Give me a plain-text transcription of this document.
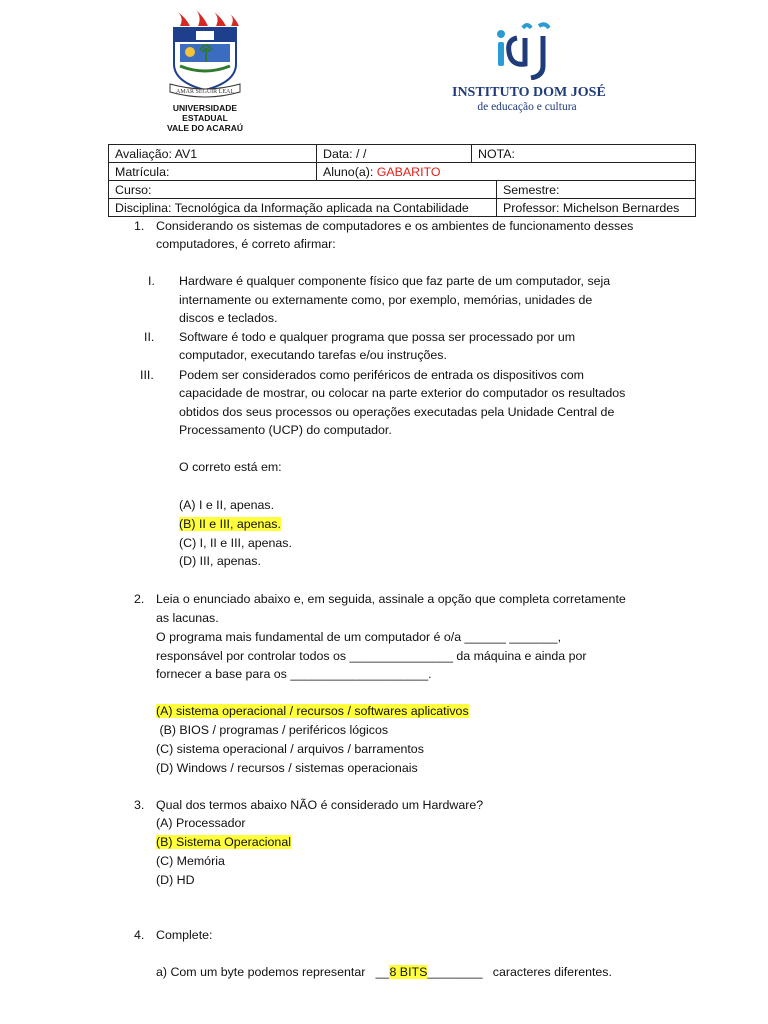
AMAR SEGUIR LEAL
UNIVERSIDADE ESTADUAL
VALE DO ACARAÚ
INSTITUTO DOM JOSÉ
de educação e cultura
Avaliação: AV1	Data: / /	NOTA:	
Matrícula:	Aluno(a): GABARITO		
Curso:			Semestre:
Disciplina: Tecnológica da Informação aplicada na Contabilidade			Professor: Michelson Bernardes
1. Considerando os sistemas de computadores e os ambientes de funcionamento desses
computadores, é correto afirmar:
I. Hardware é qualquer componente físico que faz parte de um computador, seja
internamente ou externamente como, por exemplo, memórias, unidades de
discos e teclados.
II. Software é todo e qualquer programa que possa ser processado por um
computador, executando tarefas e/ou instruções.
III. Podem ser considerados como periféricos de entrada os dispositivos com
capacidade de mostrar, ou colocar na parte exterior do computador os resultados
obtidos dos seus processos ou operações executadas pela Unidade Central de
Processamento (UCP) do computador.
O correto está em:
(A) I e II, apenas.
(B) II e III, apenas.
(C) I, II e III, apenas.
(D) III, apenas.
2. Leia o enunciado abaixo e, em seguida, assinale a opção que completa corretamente
as lacunas.
O programa mais fundamental de um computador é o/a ______ _______,
responsável por controlar todos os _______________ da máquina e ainda por
fornecer a base para os ____________________.
(A) sistema operacional / recursos / softwares aplicativos
(B) BIOS / programas / periféricos lógicos
(C) sistema operacional / arquivos / barramentos
(D) Windows / recursos / sistemas operacionais
3. Qual dos termos abaixo NÃO é considerado um Hardware?
(A) Processador
(B) Sistema Operacional
(C) Memória
(D) HD
4. Complete:
a) Com um byte podemos representar   __8 BITS________   caracteres diferentes.
